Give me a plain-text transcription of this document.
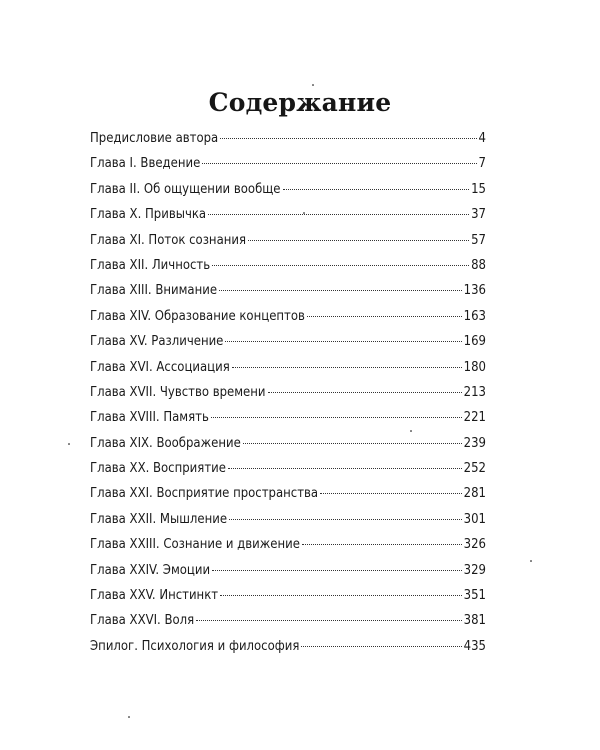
Содержание
Предисловие автора	4
Глава I. Введение	7
Глава II. Об ощущении вообще	15
Глава X. Привычка	37
Глава XI. Поток сознания	57
Глава XII. Личность	88
Глава XIII. Внимание	136
Глава XIV. Образование концептов	163
Глава XV. Различение	169
Глава XVI. Ассоциация	180
Глава XVII. Чувство времени	213
Глава XVIII. Память	221
Глава XIX. Воображение	239
Глава XX. Восприятие	252
Глава XXI. Восприятие пространства	281
Глава XXII. Мышление	301
Глава XXIII. Сознание и движение	326
Глава XXIV. Эмоции	329
Глава XXV. Инстинкт	351
Глава XXVI. Воля	381
Эпилог. Психология и философия	435
